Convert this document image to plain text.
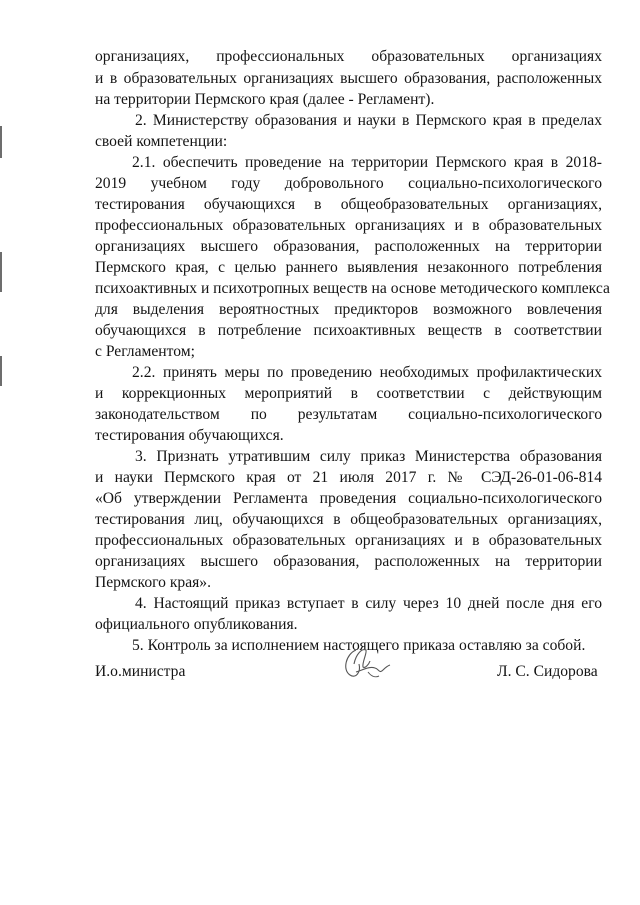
организациях, профессиональных образовательных организациях
и в образовательных организациях высшего образования, расположенных
на территории Пермского края (далее - Регламент).
2. Министерству образования и науки в Пермского края в пределах
своей компетенции:
2.1. обеспечить проведение на территории Пермского края в 2018-
2019 учебном году добровольного социально-психологического
тестирования обучающихся в общеобразовательных организациях,
профессиональных образовательных организациях и в образовательных
организациях высшего образования, расположенных на территории
Пермского края, с целью раннего выявления незаконного потребления
психоактивных и психотропных веществ на основе методического комплекса
для выделения вероятностных предикторов возможного вовлечения
обучающихся в потребление психоактивных веществ в соответствии
с Регламентом;
2.2. принять меры по проведению необходимых профилактических
и коррекционных мероприятий в соответствии с действующим
законодательством по результатам социально-психологического
тестирования обучающихся.
3. Признать утратившим силу приказ Министерства образования
и науки Пермского края от 21 июля 2017 г. № СЭД-26-01-06-814
«Об утверждении Регламента проведения социально-психологического
тестирования лиц, обучающихся в общеобразовательных организациях,
профессиональных образовательных организациях и в образовательных
организациях высшего образования, расположенных на территории
Пермского края».
4. Настоящий приказ вступает в силу через 10 дней после дня его
официального опубликования.
5. Контроль за исполнением настоящего приказа оставляю за собой.
И.о.министра	Л. С. Сидорова
